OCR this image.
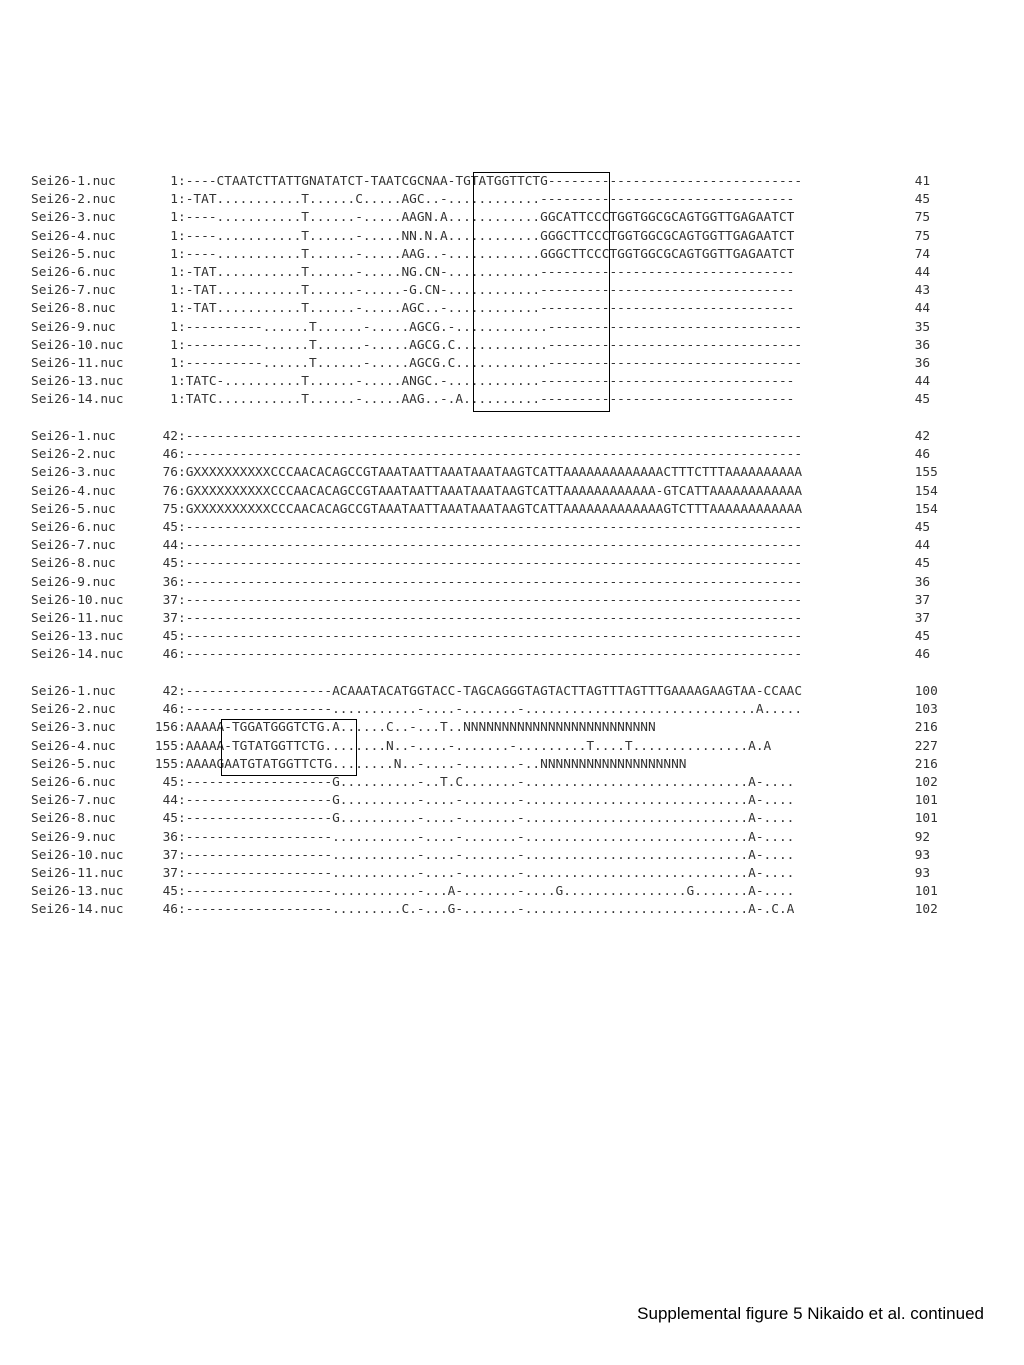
Sei26-1.nuc	1:----CTAATCTTATTGNATATCT-TAATCGCNAA-TGTATGGTTCTG---------------------------------	41
Sei26-2.nuc	1:-TAT...........T......C.....AGC..-............---------------------------------	45
Sei26-3.nuc	1:----...........T......-.....AAGN.A............GGCATTCCCTGGTGGCGCAGTGGTTGAGAATCT	75
Sei26-4.nuc	1:----...........T......-.....NN.N.A............GGGCTTCCCTGGTGGCGCAGTGGTTGAGAATCT	75
Sei26-5.nuc	1:----...........T......-.....AAG..-............GGGCTTCCCTGGTGGCGCAGTGGTTGAGAATCT	74
Sei26-6.nuc	1:-TAT...........T......-.....NG.CN-............---------------------------------	44
Sei26-7.nuc	1:-TAT...........T......-.....-G.CN-............---------------------------------	43
Sei26-8.nuc	1:-TAT...........T......-.....AGC..-............---------------------------------	44
Sei26-9.nuc	1:----------......T......-.....AGCG.-............---------------------------------	35
Sei26-10.nuc	1:----------......T......-.....AGCG.C............---------------------------------	36
Sei26-11.nuc	1:----------......T......-.....AGCG.C............---------------------------------	36
Sei26-13.nuc	1:TATC-..........T......-.....ANGC.-............---------------------------------	44
Sei26-14.nuc	1:TATC...........T......-.....AAG..-.A..........---------------------------------	45
Sei26-1.nuc	42:--------------------------------------------------------------------------------	42
Sei26-2.nuc	46:--------------------------------------------------------------------------------	46
Sei26-3.nuc	76:GXXXXXXXXXXCCCAACACAGCCGTAAATAATTAAATAAATAAGTCATTAAAAAAAAAAAAACTTTCTTTAAAAAAAAAA	155
Sei26-4.nuc	76:GXXXXXXXXXXCCCAACACAGCCGTAAATAATTAAATAAATAAGTCATTAAAAAAAAAAAA-GTCATTAAAAAAAAAAAA	154
Sei26-5.nuc	75:GXXXXXXXXXXCCCAACACAGCCGTAAATAATTAAATAAATAAGTCATTAAAAAAAAAAAAAGTCTTTAAAAAAAAAAAA	154
Sei26-6.nuc	45:--------------------------------------------------------------------------------	45
Sei26-7.nuc	44:--------------------------------------------------------------------------------	44
Sei26-8.nuc	45:--------------------------------------------------------------------------------	45
Sei26-9.nuc	36:--------------------------------------------------------------------------------	36
Sei26-10.nuc	37:--------------------------------------------------------------------------------	37
Sei26-11.nuc	37:--------------------------------------------------------------------------------	37
Sei26-13.nuc	45:--------------------------------------------------------------------------------	45
Sei26-14.nuc	46:--------------------------------------------------------------------------------	46
Sei26-1.nuc	42:-------------------ACAAATACATGGTACC-TAGCAGGGTAGTACTTAGTTTAGTTTGAAAAGAAGTAA-CCAAC	100
Sei26-2.nuc	46:-------------------...........-....-.......-..............................A.....	103
Sei26-3.nuc	156:AAAAA-TGGATGGGTCTG.A......C..-...T..NNNNNNNNNNNNNNNNNNNNNNNNN	216
Sei26-4.nuc	155:AAAAA-TGTATGGTTCTG........N..-....-.......-.........T....T...............A.A	227
Sei26-5.nuc	155:AAAAGAATGTATGGTTCTG........N..-....-.......-..NNNNNNNNNNNNNNNNNNN	216
Sei26-6.nuc	45:-------------------G..........-..T.C.......-.............................A-....	102
Sei26-7.nuc	44:-------------------G..........-....-.......-.............................A-....	101
Sei26-8.nuc	45:-------------------G..........-....-.......-.............................A-....	101
Sei26-9.nuc	36:-------------------...........-....-.......-.............................A-....	92
Sei26-10.nuc	37:-------------------...........-....-.......-.............................A-....	93
Sei26-11.nuc	37:-------------------...........-....-.......-.............................A-....	93
Sei26-13.nuc	45:-------------------...........-...A-.......-....G................G.......A-....	101
Sei26-14.nuc	46:-------------------.........C.-...G-.......-.............................A-.C.A	102
Supplemental figure 5 Nikaido et al. continued
